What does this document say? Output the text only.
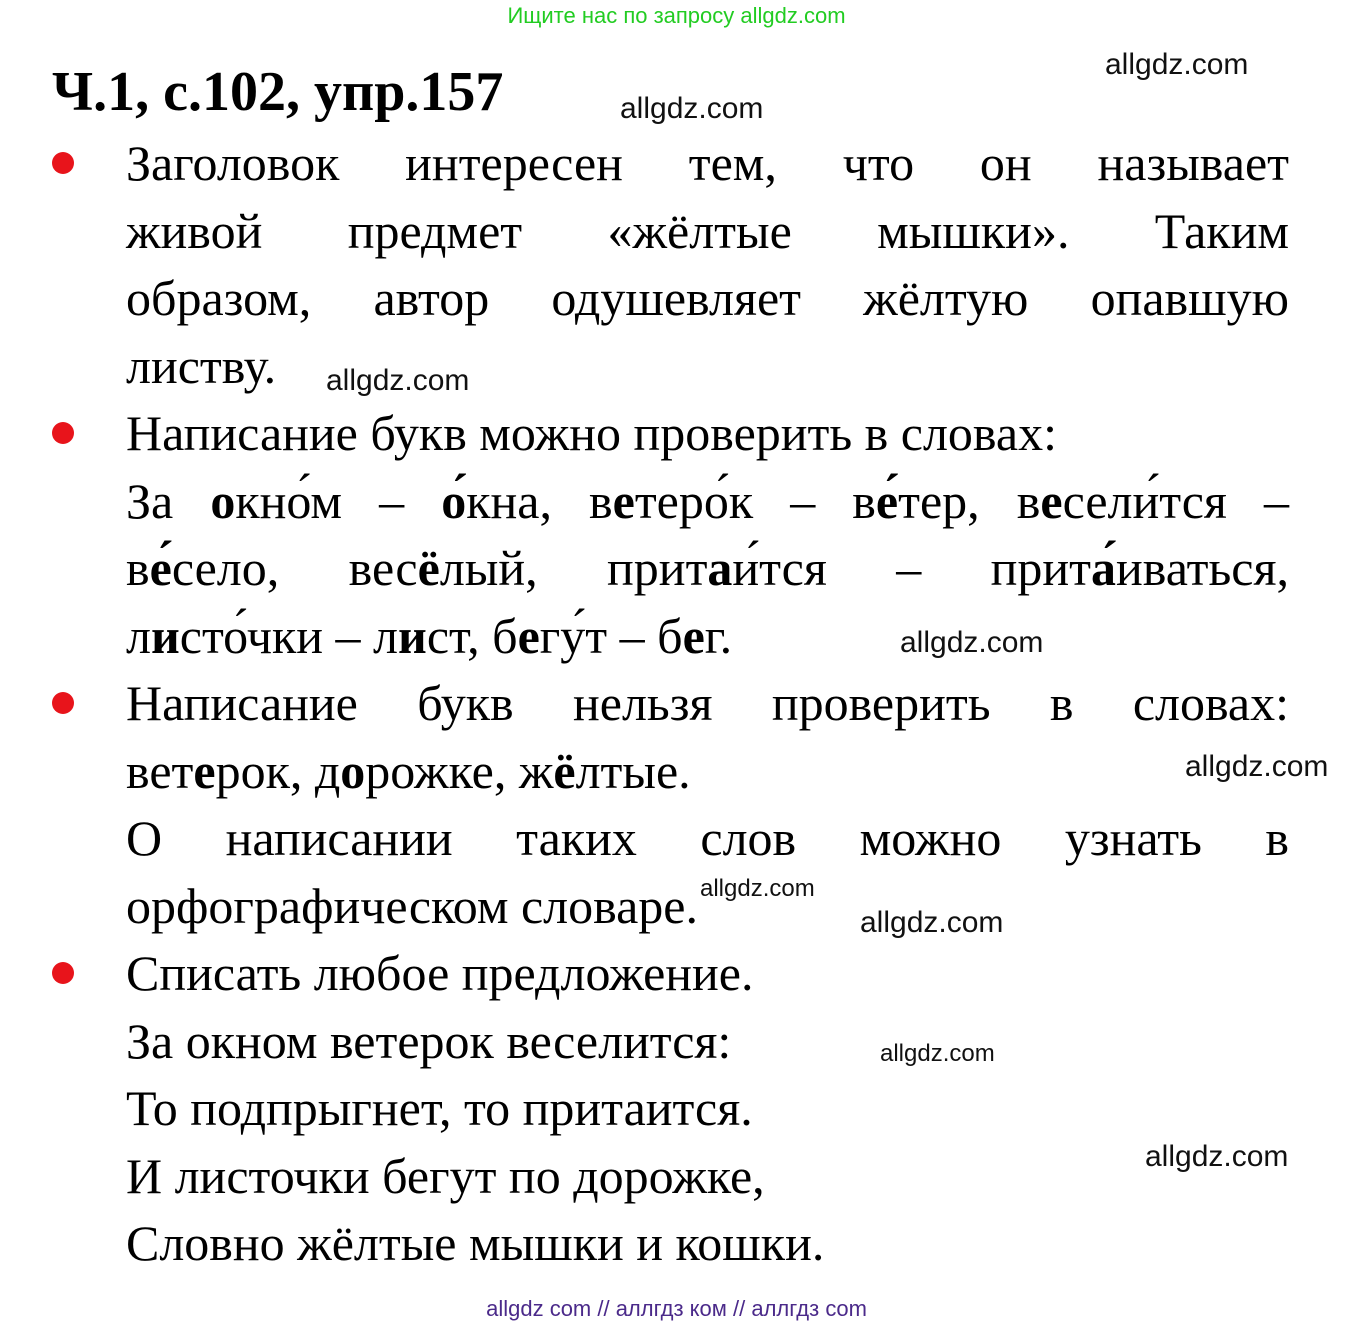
Ищите нас по запросу allgdz.com
Ч.1, с.102, упр.157	allgdz.com
allgdz.com
allgdz.com
allgdz.com
allgdz.com
allgdz.com
allgdz.com
allgdz.com
allgdz.com
Заголовок интересен тем, что он называет
живой предмет «жёлтые мышки». Таким
образом, автор одушевляет жёлтую опавшую
листву.
Написание букв можно проверить в словах:
За окно́м – о́кна, ветеро́к – ве́тер, весели́тся –
ве́село, весёлый, притаи́тся – прита́иваться,
листо́чки – лист, бегу́т – бег.
Написание букв нельзя проверить в словах:
ветерок, дорожке, жёлтые.
О написании таких слов можно узнать в
орфографическом словаре.
Списать любое предложение.
За окном ветерок веселится:
То подпрыгнет, то притаится.
И листочки бегут по дорожке,
Словно жёлтые мышки и кошки.
allgdz com // аллгдз ком // аллгдз com
